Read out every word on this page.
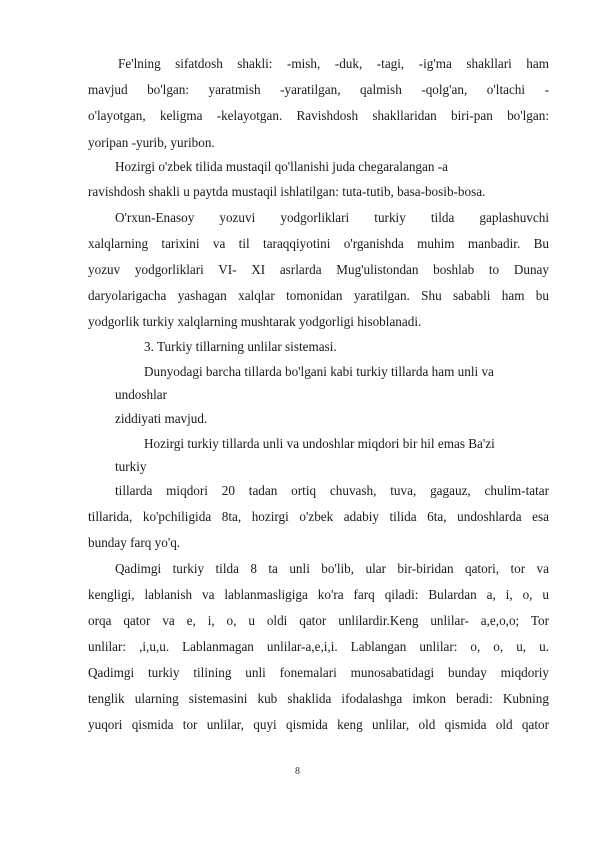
Fe'lning sifatdosh shakli: -mish, -duk, -tagi, -ig'ma shakllari ham
mavjud bo'lgan: yaratmish -yaratilgan, qalmish -qolg'an, o'ltachi -
o'layotgan, keligma -kelayotgan. Ravishdosh shakllaridan biri-pan bo'lgan:
yoripan -yurib, yuribon.
Hozirgi o'zbek tilida mustaqil qo'llanishi juda chegaralangan -a
ravishdosh shakli u paytda mustaqil ishlatilgan: tuta-tutib, basa-bosib-bosa.
O'rxun-Enasoy yozuvi yodgorliklari turkiy tilda gaplashuvchi
xalqlarning tarixini va til taraqqiyotini o'rganishda muhim manbadir. Bu
yozuv yodgorliklari VI- XI asrlarda Mug'ulistondan boshlab to Dunay
daryolarigacha yashagan xalqlar tomonidan yaratilgan. Shu sababli ham bu
yodgorlik turkiy xalqlarning mushtarak yodgorligi hisoblanadi.
3. Turkiy tillarning unlilar sistemasi.
Dunyodagi barcha tillarda bo'lgani kabi turkiy tillarda ham unli va
undoshlar
ziddiyati mavjud.
Hozirgi turkiy tillarda unli va undoshlar miqdori bir hil emas Ba'zi
turkiy
tillarda miqdori 20 tadan ortiq chuvash, tuva, gagauz, chulim-tatar
tillarida, ko'pchiligida 8ta, hozirgi o'zbek adabiy tilida 6ta, undoshlarda esa
bunday farq yo'q.
Qadimgi turkiy tilda 8 ta unli bo'lib, ular bir-biridan qatori, tor va
kengligi, lablanish va lablanmasligiga ko'ra farq qiladi: Bulardan a, i, o, u
orqa qator va e, i, o, u oldi qator unlilardir.Keng unlilar- a,e,o,o; Tor
unlilar: ,i,u,u. Lablanmagan unlilar-a,e,i,i. Lablangan unlilar: o, o, u, u.
Qadimgi turkiy tilining unli fonemalari munosabatidagi bunday miqdoriy
tenglik ularning sistemasini kub shaklida ifodalashga imkon beradi: Kubning
yuqori qismida tor unlilar, quyi qismida keng unlilar, old qismida old qator
8
